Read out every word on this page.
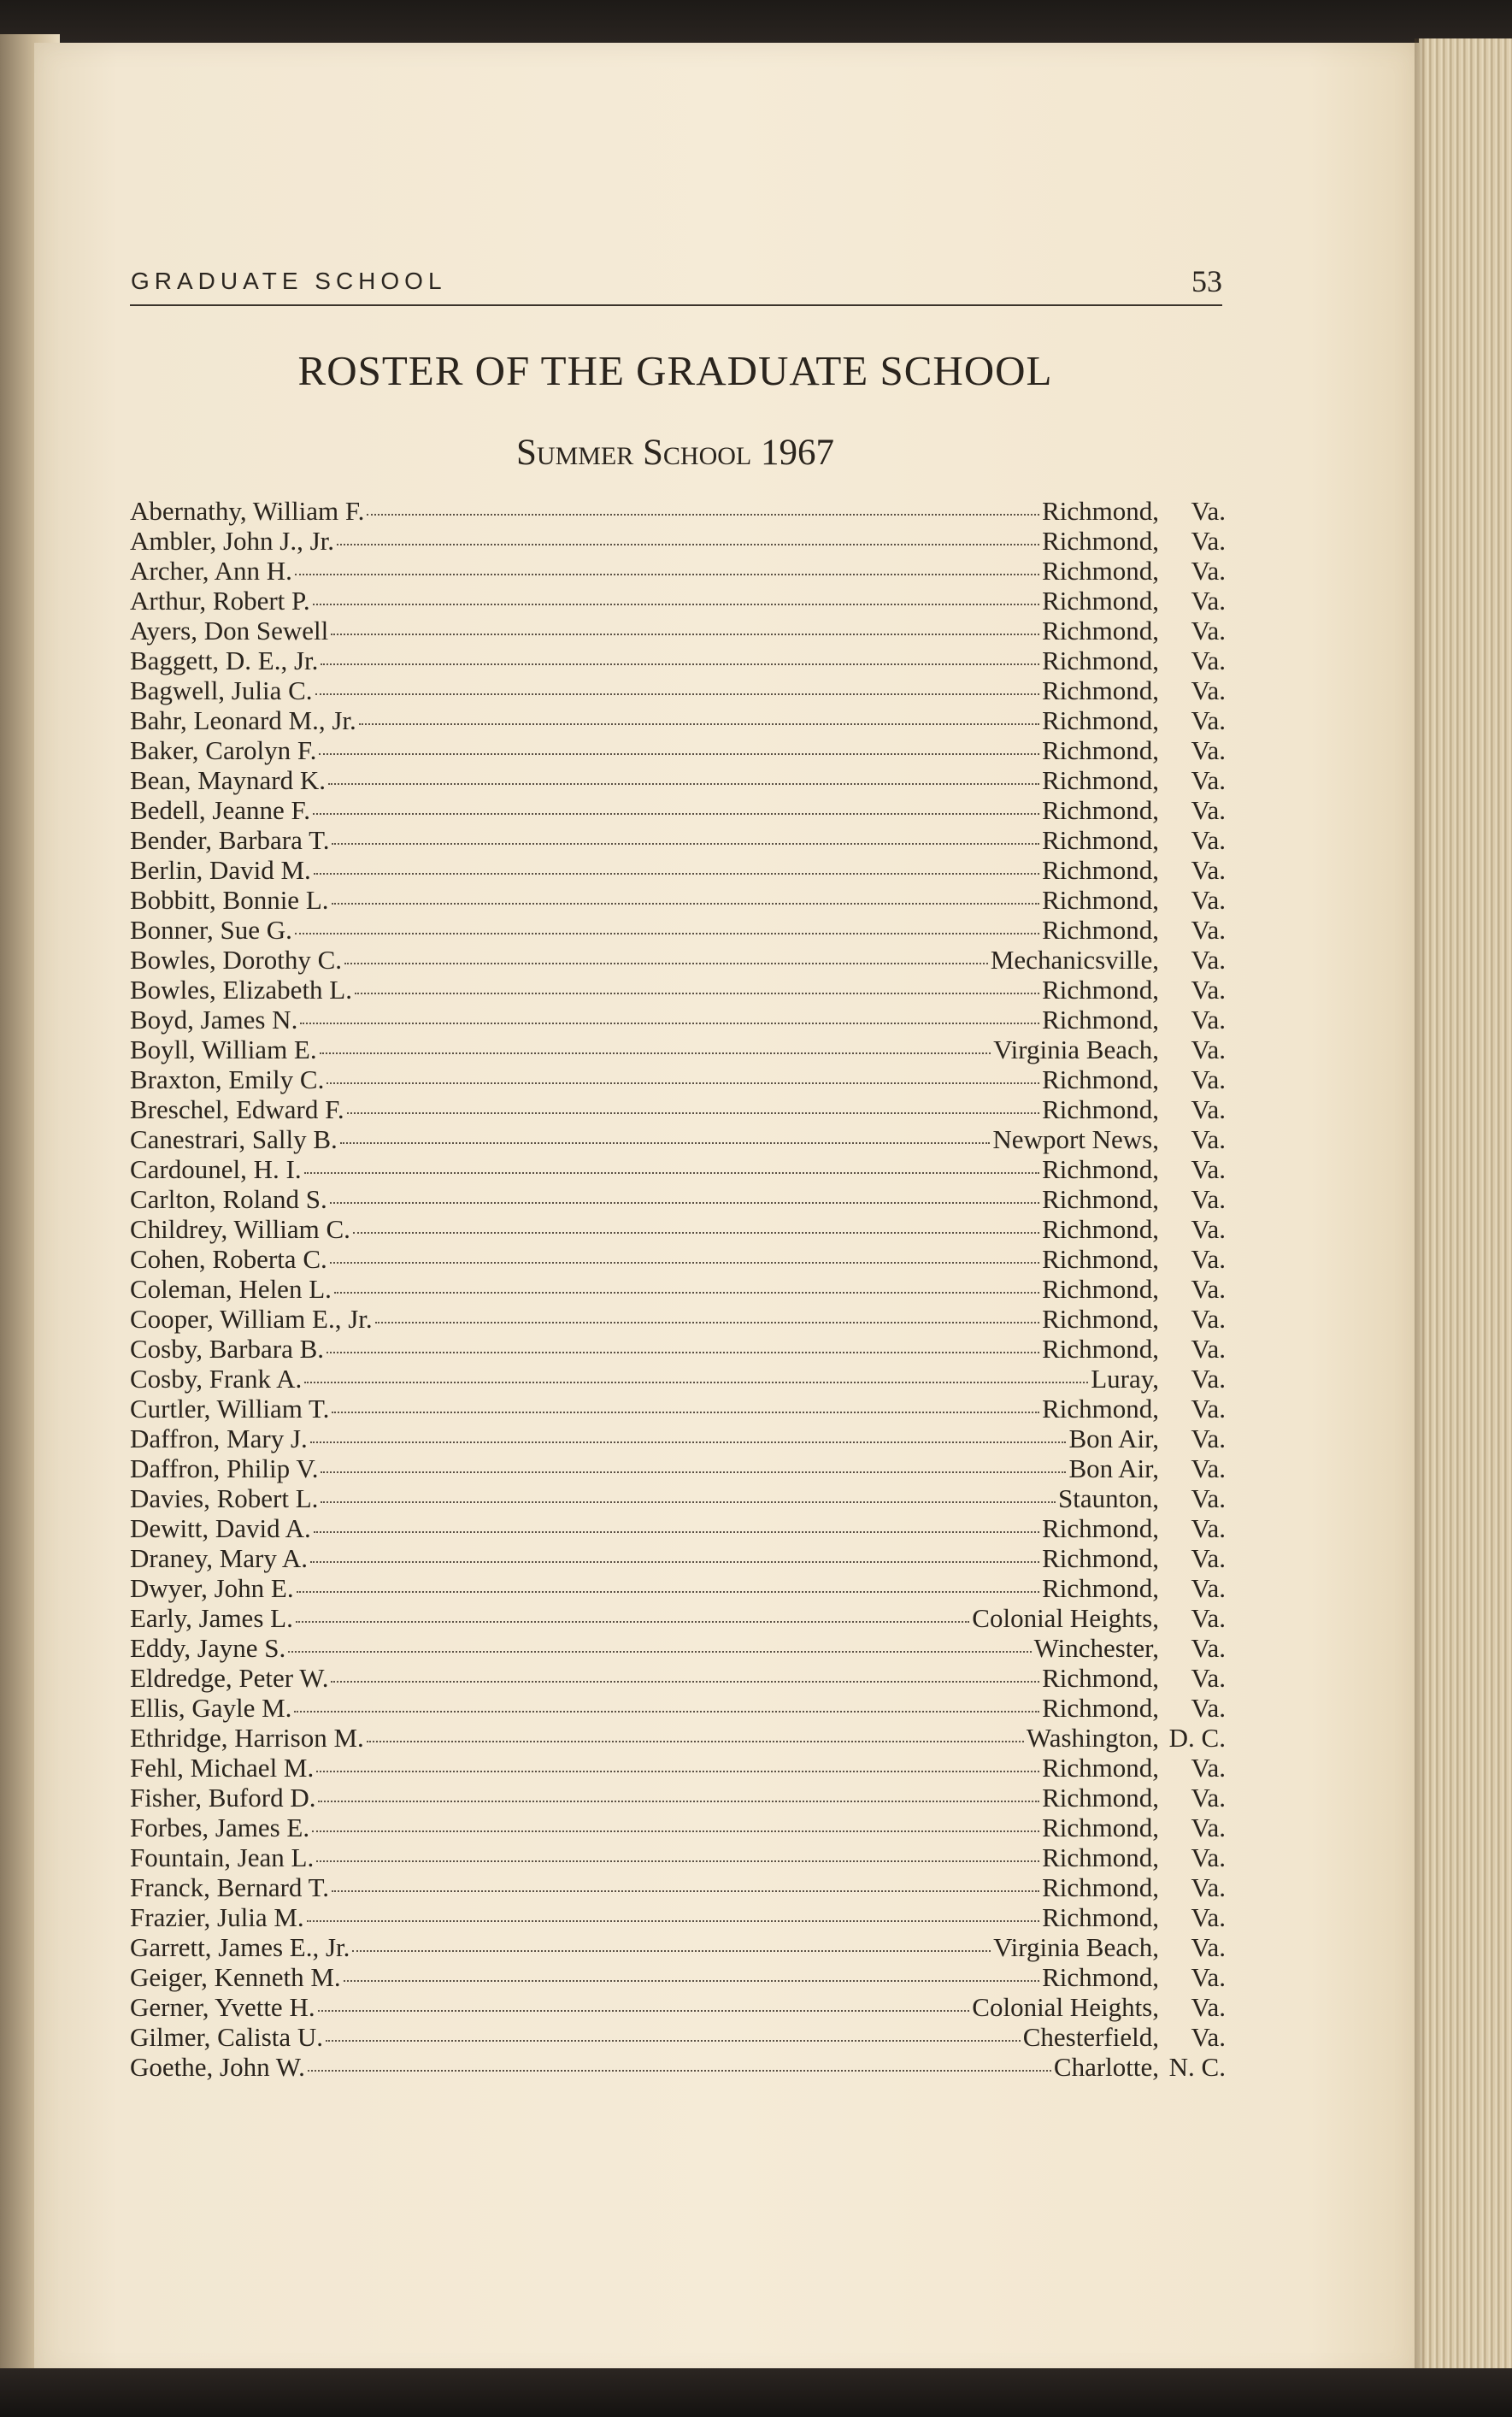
GRADUATE SCHOOL	53
ROSTER OF THE GRADUATE SCHOOL
Summer School 1967
Abernathy, William F.	Richmond,	Va.
Ambler, John J., Jr.	Richmond,	Va.
Archer, Ann H.	Richmond,	Va.
Arthur, Robert P.	Richmond,	Va.
Ayers, Don Sewell	Richmond,	Va.
Baggett, D. E., Jr.	Richmond,	Va.
Bagwell, Julia C.	Richmond,	Va.
Bahr, Leonard M., Jr.	Richmond,	Va.
Baker, Carolyn F.	Richmond,	Va.
Bean, Maynard K.	Richmond,	Va.
Bedell, Jeanne F.	Richmond,	Va.
Bender, Barbara T.	Richmond,	Va.
Berlin, David M.	Richmond,	Va.
Bobbitt, Bonnie L.	Richmond,	Va.
Bonner, Sue G.	Richmond,	Va.
Bowles, Dorothy C.	Mechanicsville,	Va.
Bowles, Elizabeth L.	Richmond,	Va.
Boyd, James N.	Richmond,	Va.
Boyll, William E.	Virginia Beach,	Va.
Braxton, Emily C.	Richmond,	Va.
Breschel, Edward F.	Richmond,	Va.
Canestrari, Sally B.	Newport News,	Va.
Cardounel, H. I.	Richmond,	Va.
Carlton, Roland S.	Richmond,	Va.
Childrey, William C.	Richmond,	Va.
Cohen, Roberta C.	Richmond,	Va.
Coleman, Helen L.	Richmond,	Va.
Cooper, William E., Jr.	Richmond,	Va.
Cosby, Barbara B.	Richmond,	Va.
Cosby, Frank A.	Luray,	Va.
Curtler, William T.	Richmond,	Va.
Daffron, Mary J.	Bon Air,	Va.
Daffron, Philip V.	Bon Air,	Va.
Davies, Robert L.	Staunton,	Va.
Dewitt, David A.	Richmond,	Va.
Draney, Mary A.	Richmond,	Va.
Dwyer, John E.	Richmond,	Va.
Early, James L.	Colonial Heights,	Va.
Eddy, Jayne S.	Winchester,	Va.
Eldredge, Peter W.	Richmond,	Va.
Ellis, Gayle M.	Richmond,	Va.
Ethridge, Harrison M.	Washington, D. C.
Fehl, Michael M.	Richmond,	Va.
Fisher, Buford D.	Richmond,	Va.
Forbes, James E.	Richmond,	Va.
Fountain, Jean L.	Richmond,	Va.
Franck, Bernard T.	Richmond,	Va.
Frazier, Julia M.	Richmond,	Va.
Garrett, James E., Jr.	Virginia Beach,	Va.
Geiger, Kenneth M.	Richmond,	Va.
Gerner, Yvette H.	Colonial Heights,	Va.
Gilmer, Calista U.	Chesterfield,	Va.
Goethe, John W.	Charlotte, N. C.
